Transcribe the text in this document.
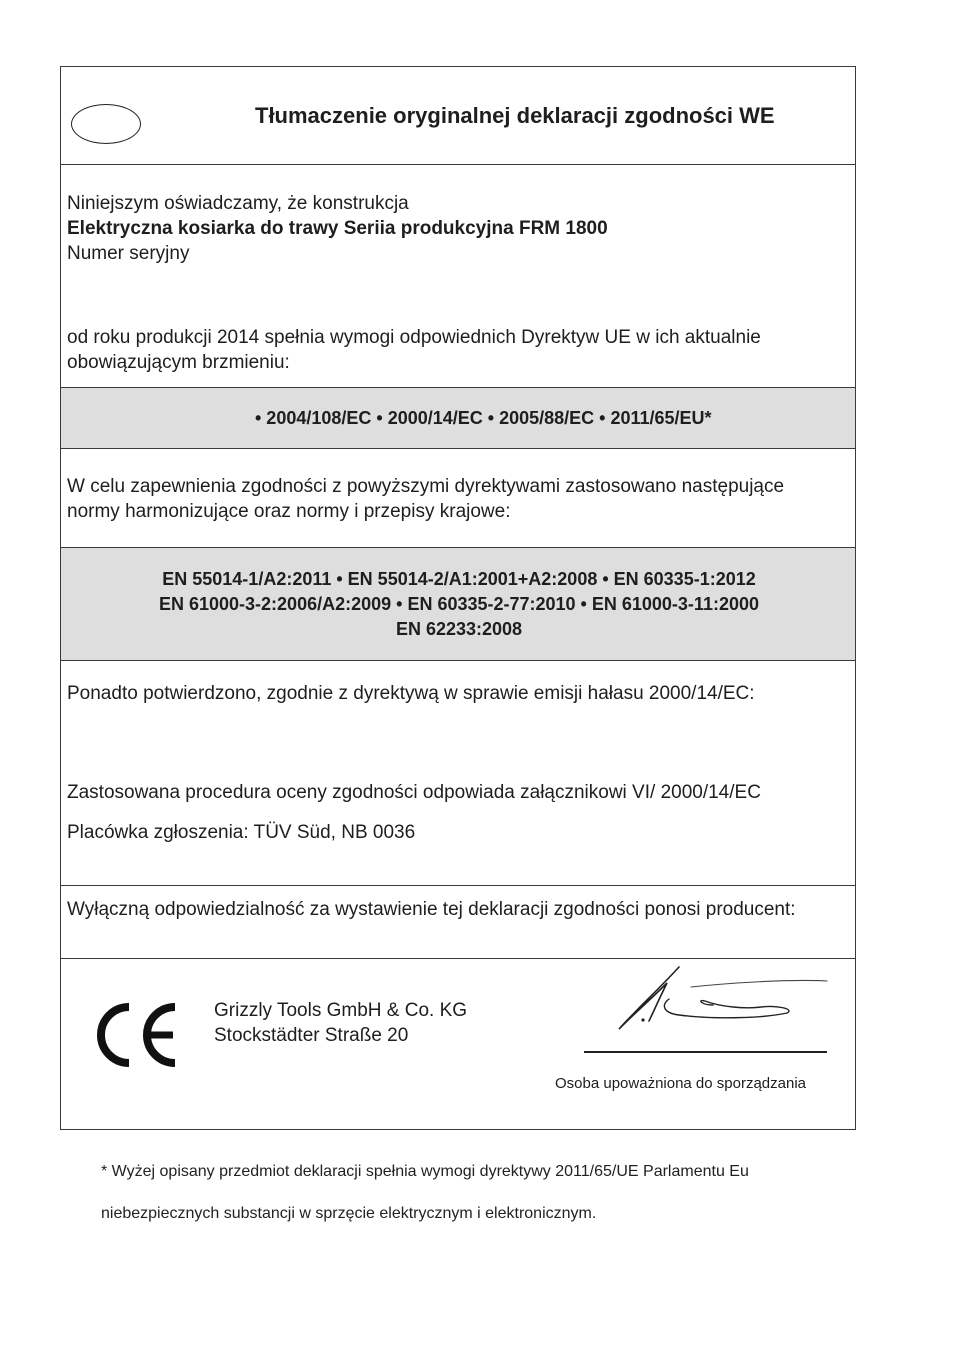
Tłumaczenie oryginalnej deklaracji zgodności WE
Niniejszym oświadczamy, że konstrukcja
Elektryczna kosiarka do trawy Seriia produkcyjna FRM 1800
Numer seryjny
od roku produkcji 2014 spełnia wymogi odpowiednich Dyrektyw UE w ich aktualnie
obowiązującym brzmieniu:
• 2004/108/EC • 2000/14/EC • 2005/88/EC • 2011/65/EU*
W celu zapewnienia zgodności z powyższymi dyrektywami zastosowano następujące
normy harmonizujące oraz normy i przepisy krajowe:
EN 55014-1/A2:2011 • EN 55014-2/A1:2001+A2:2008 • EN 60335-1:2012
EN 61000-3-2:2006/A2:2009 • EN 60335-2-77:2010 • EN 61000-3-11:2000
EN 62233:2008
Ponadto potwierdzono, zgodnie z dyrektywą w sprawie emisji hałasu 2000/14/EC:
Zastosowana procedura oceny zgodności odpowiada załącznikowi VI/ 2000/14/EC
Placówka zgłoszenia: TÜV Süd, NB 0036
Wyłączną odpowiedzialność za wystawienie tej deklaracji zgodności ponosi producent:
Grizzly Tools GmbH & Co. KG
Stockstädter Straße 20
Osoba upoważniona do sporządzania
* Wyżej opisany przedmiot deklaracji spełnia wymogi dyrektywy 2011/65/UE Parlamentu Eu
niebezpiecznych substancji w sprzęcie elektrycznym i elektronicznym.
